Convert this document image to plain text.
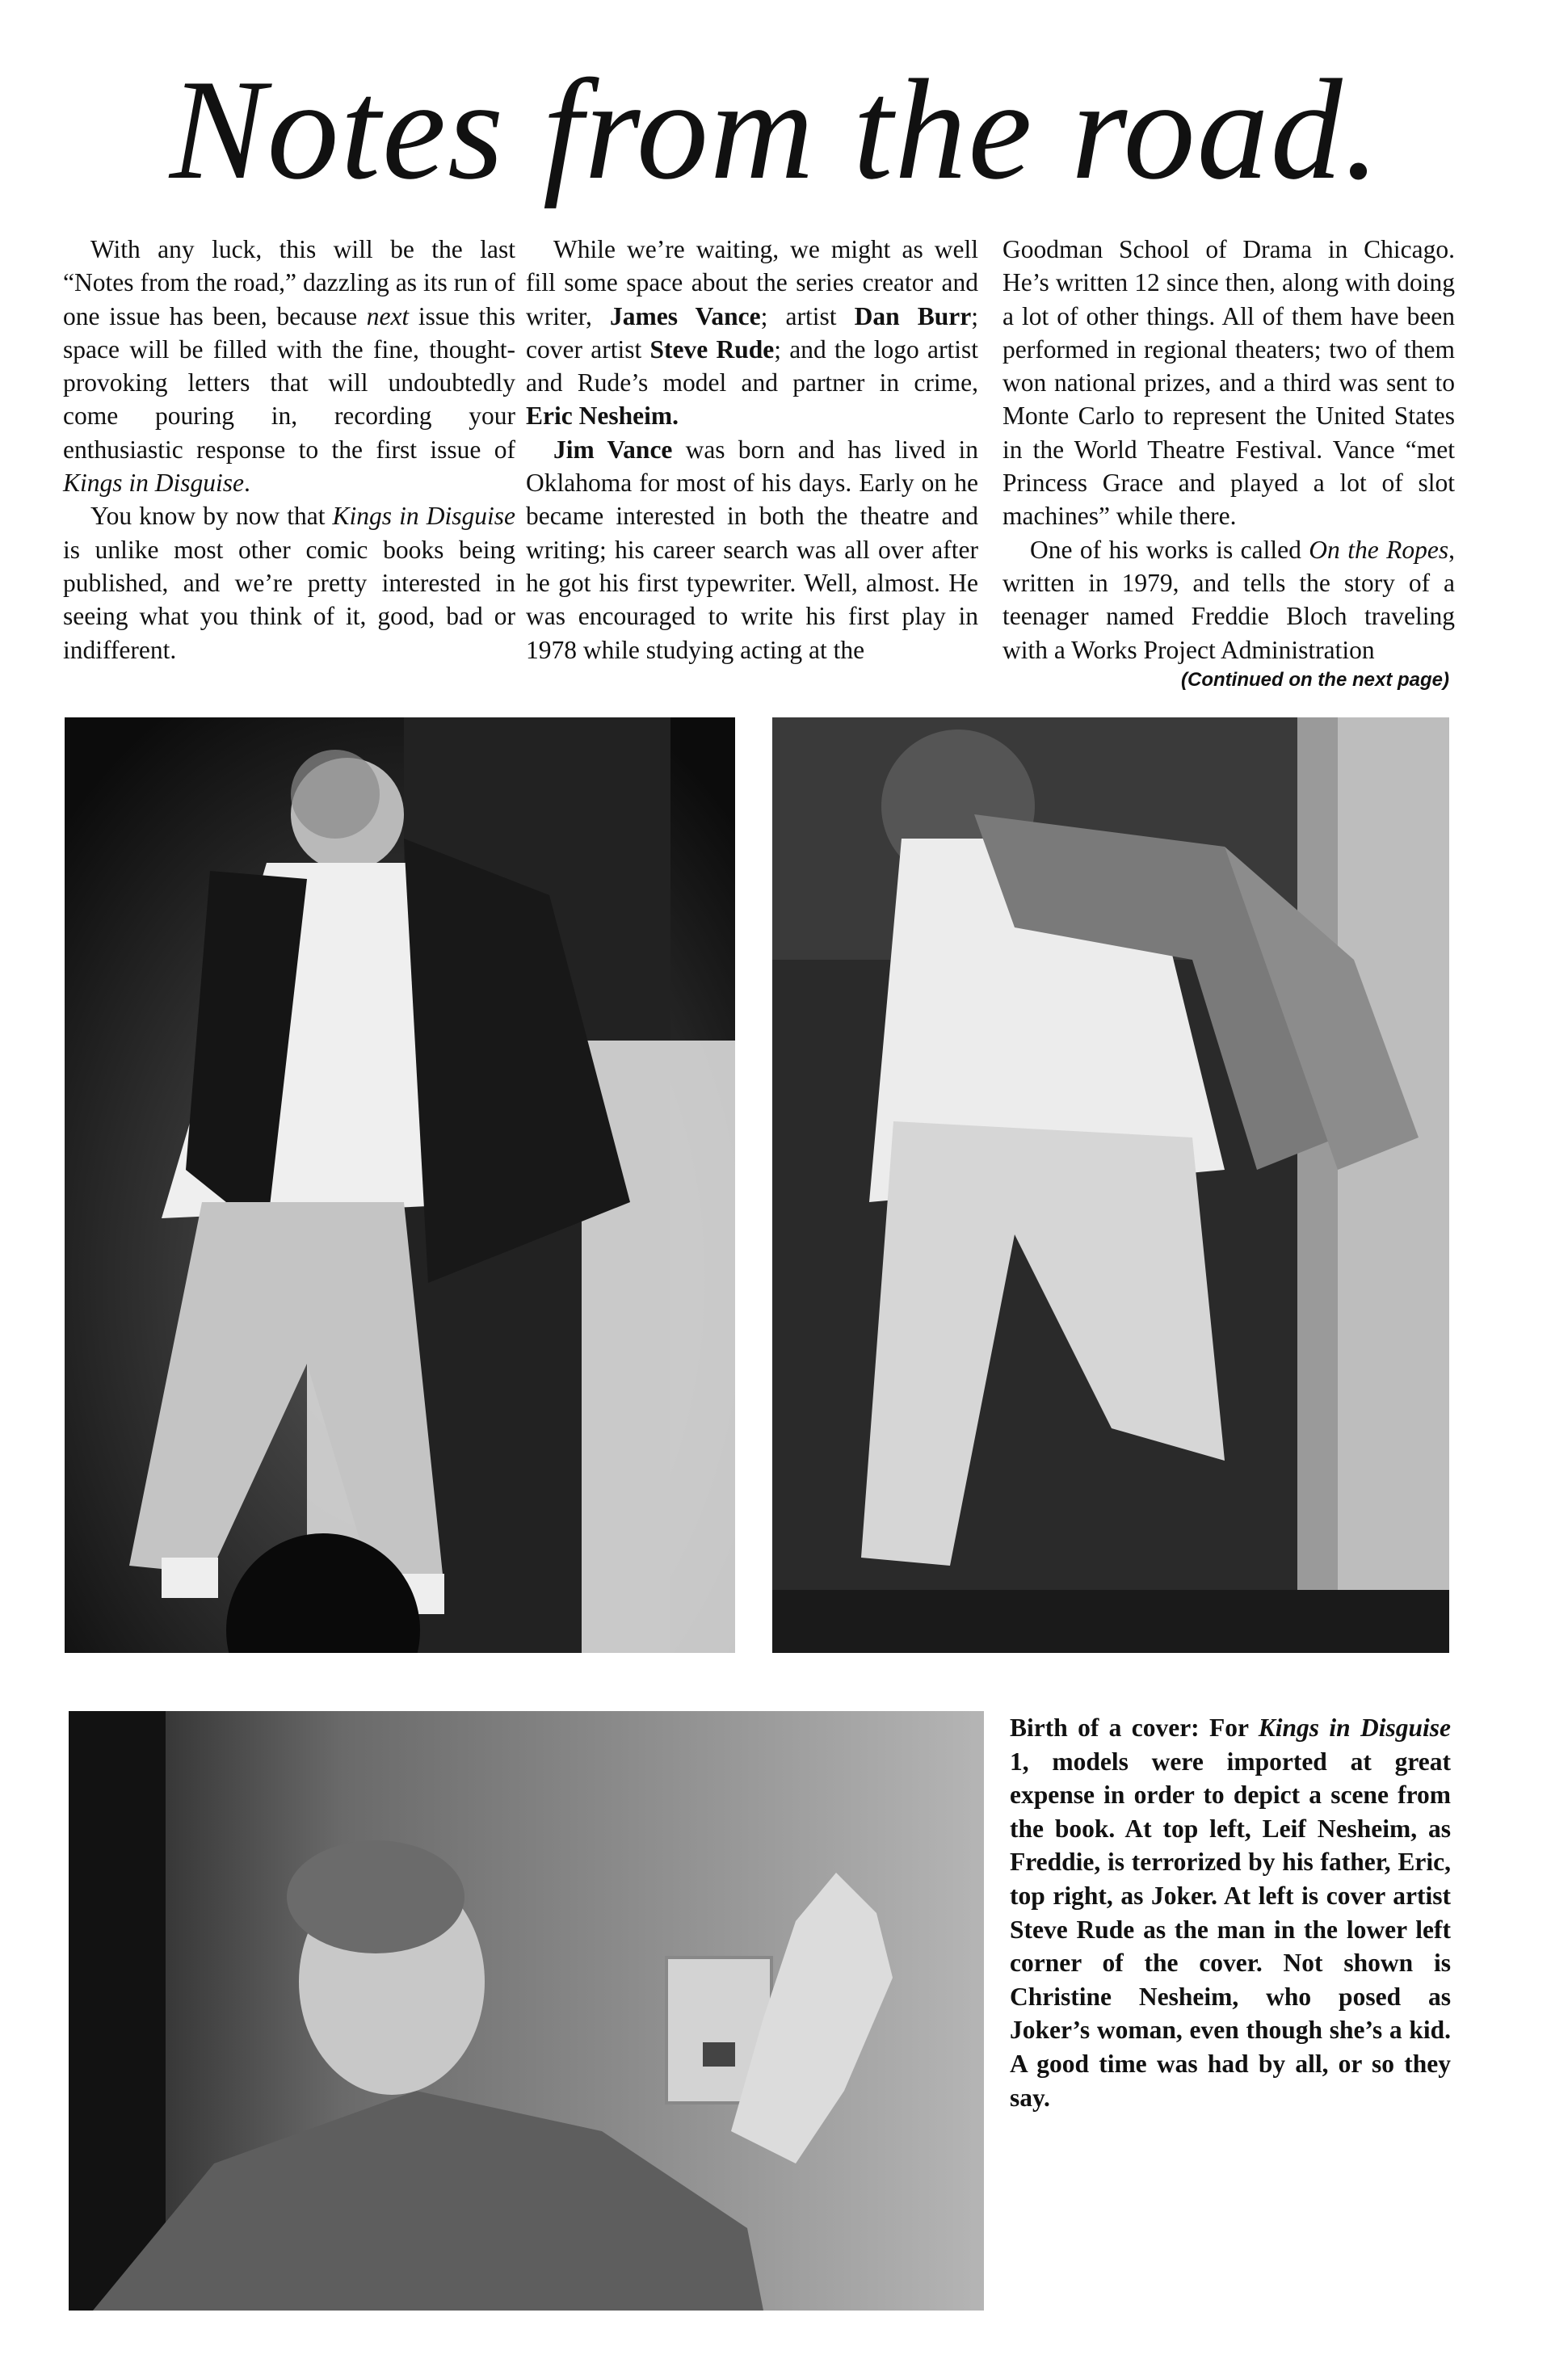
Notes from the road.

With any luck, this will be the last “Notes from the road,” dazzling as its run of one issue has been, because next issue this space will be filled with the fine, thought-provoking letters that will undoubtedly come pouring in, recording your enthusiastic response to the first issue of Kings in Disguise.

You know by now that Kings in Disguise is unlike most other comic books being published, and we’re pretty interested in seeing what you think of it, good, bad or indifferent.

While we’re waiting, we might as well fill some space about the series creator and writer, James Vance; artist Dan Burr; cover artist Steve Rude; and the logo artist and Rude’s model and partner in crime, Eric Nesheim.

Jim Vance was born and has lived in Oklahoma for most of his days. Early on he became interested in both the theatre and writing; his career search was all over after he got his first typewriter. Well, almost. He was encouraged to write his first play in 1978 while studying acting at the

Goodman School of Drama in Chicago. He’s written 12 since then, along with doing a lot of other things. All of them have been performed in regional theaters; two of them won national prizes, and a third was sent to Monte Carlo to represent the United States in the World Theatre Festival. Vance “met Princess Grace and played a lot of slot machines” while there.

One of his works is called On the Ropes, written in 1979, and tells the story of a teenager named Freddie Bloch traveling with a Works Project Administration

(Continued on the next page)
Birth of a cover: For Kings in Disguise 1, models were imported at great expense in order to depict a scene from the book. At top left, Leif Nesheim, as Freddie, is terrorized by his father, Eric, top right, as Joker. At left is cover artist Steve Rude as the man in the lower left corner of the cover. Not shown is Christine Nesheim, who posed as Joker’s woman, even though she’s a kid. A good time was had by all, or so they say.
